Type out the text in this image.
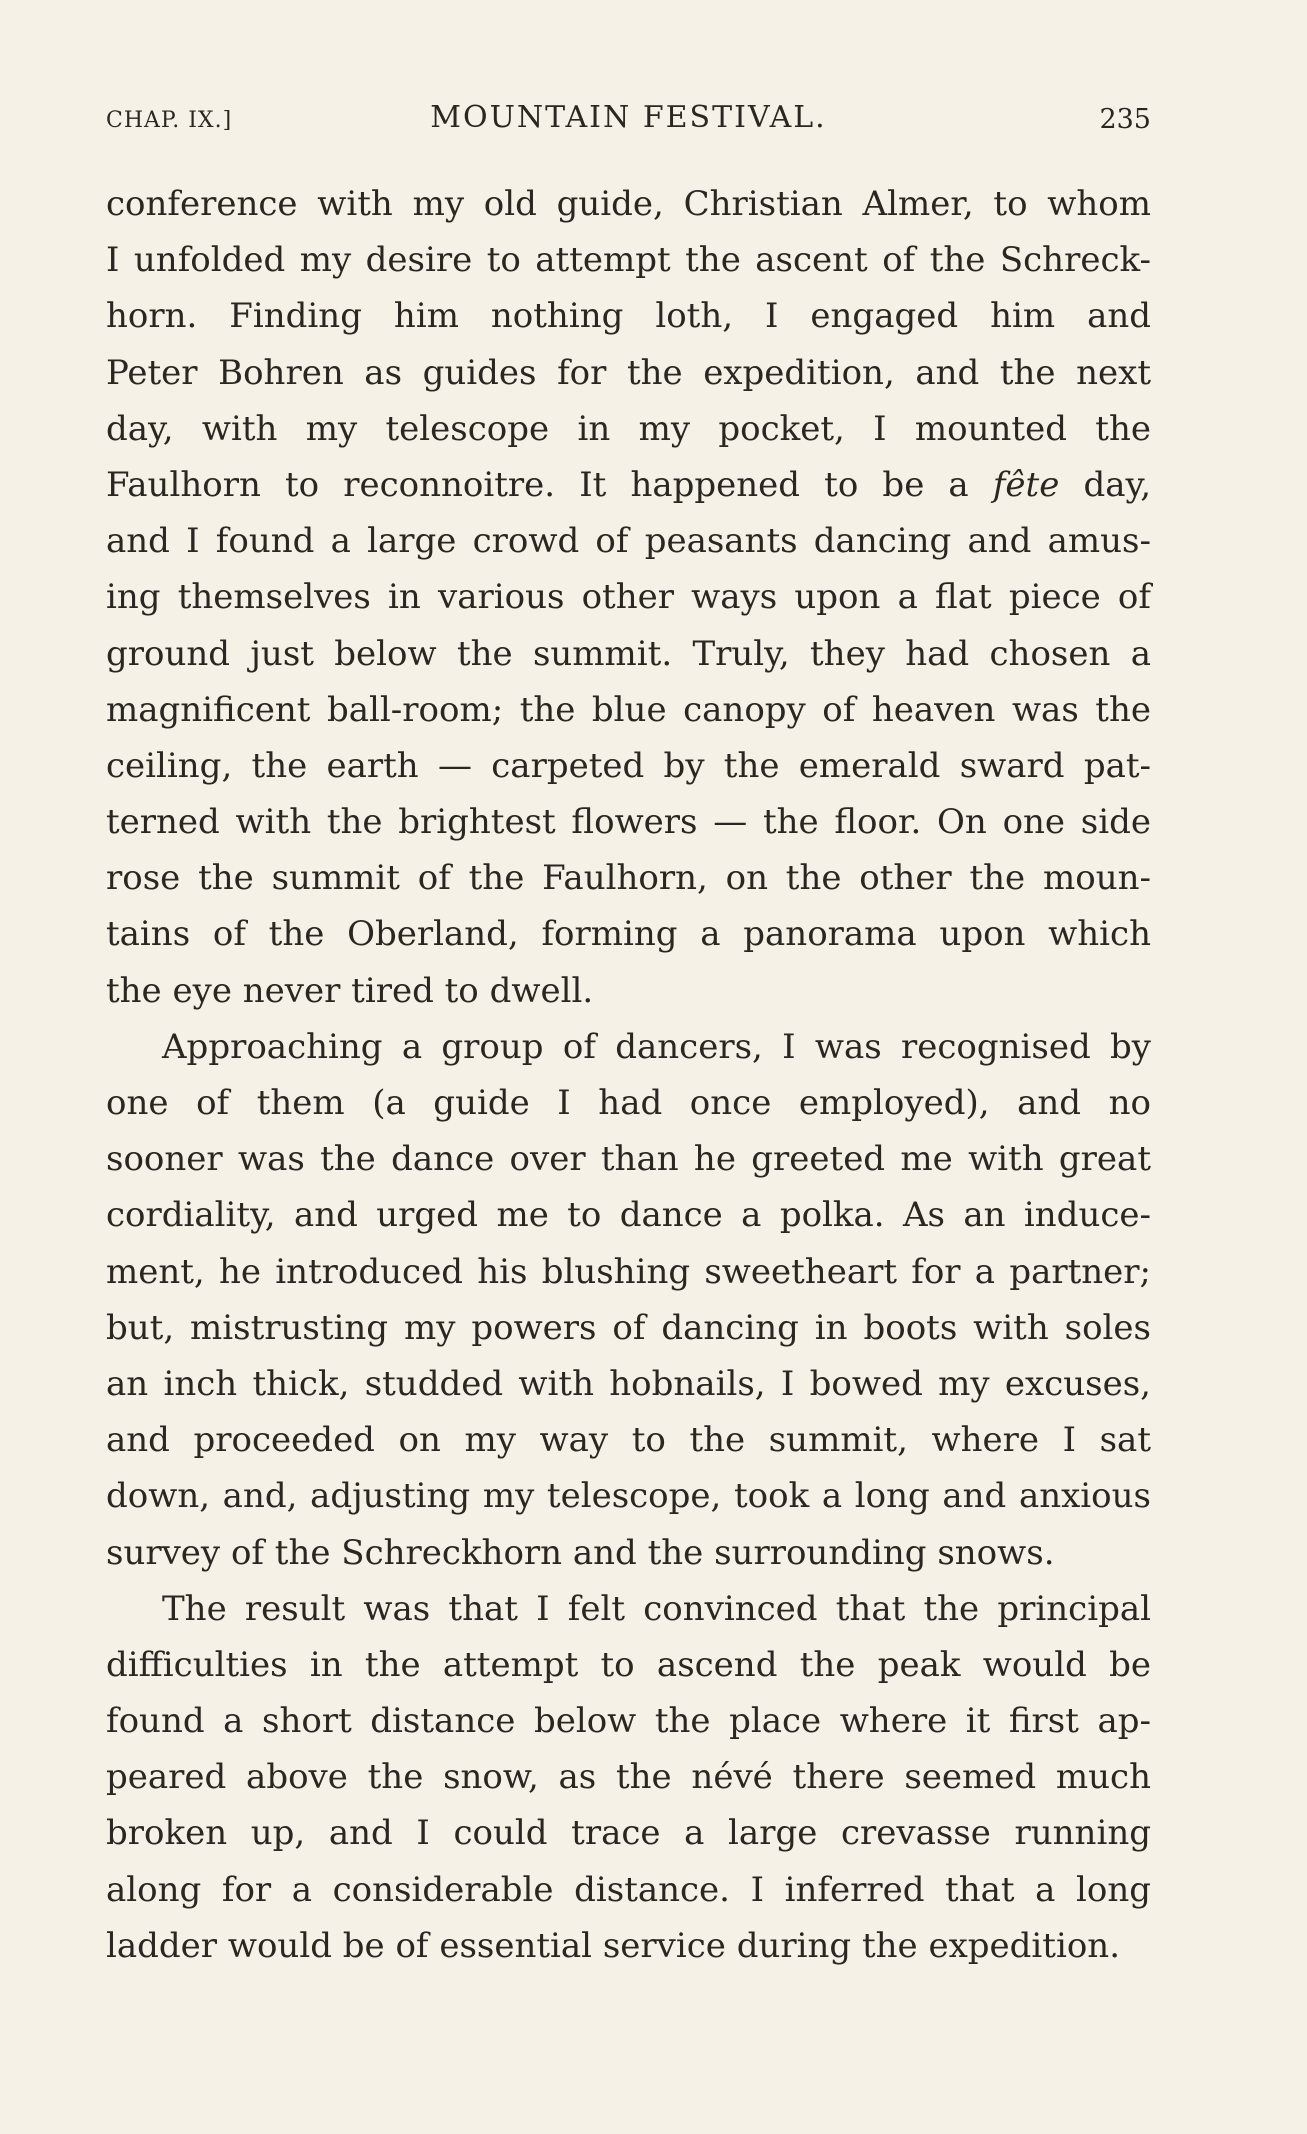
CHAP. IX.]	MOUNTAIN FESTIVAL.	235
conference with my old guide, Christian Almer, to whom
I unfolded my desire to attempt the ascent of the Schreck-
horn. Finding him nothing loth, I engaged him and
Peter Bohren as guides for the expedition, and the next
day, with my telescope in my pocket, I mounted the
Faulhorn to reconnoitre. It happened to be a fête day,
and I found a large crowd of peasants dancing and amus-
ing themselves in various other ways upon a flat piece of
ground just below the summit. Truly, they had chosen a
magnificent ball-room; the blue canopy of heaven was the
ceiling, the earth — carpeted by the emerald sward pat-
terned with the brightest flowers — the floor. On one side
rose the summit of the Faulhorn, on the other the moun-
tains of the Oberland, forming a panorama upon which
the eye never tired to dwell.
Approaching a group of dancers, I was recognised by
one of them (a guide I had once employed), and no
sooner was the dance over than he greeted me with great
cordiality, and urged me to dance a polka. As an induce-
ment, he introduced his blushing sweetheart for a partner;
but, mistrusting my powers of dancing in boots with soles
an inch thick, studded with hobnails, I bowed my excuses,
and proceeded on my way to the summit, where I sat
down, and, adjusting my telescope, took a long and anxious
survey of the Schreckhorn and the surrounding snows.
The result was that I felt convinced that the principal
difficulties in the attempt to ascend the peak would be
found a short distance below the place where it first ap-
peared above the snow, as the névé there seemed much
broken up, and I could trace a large crevasse running
along for a considerable distance. I inferred that a long
ladder would be of essential service during the expedition.
